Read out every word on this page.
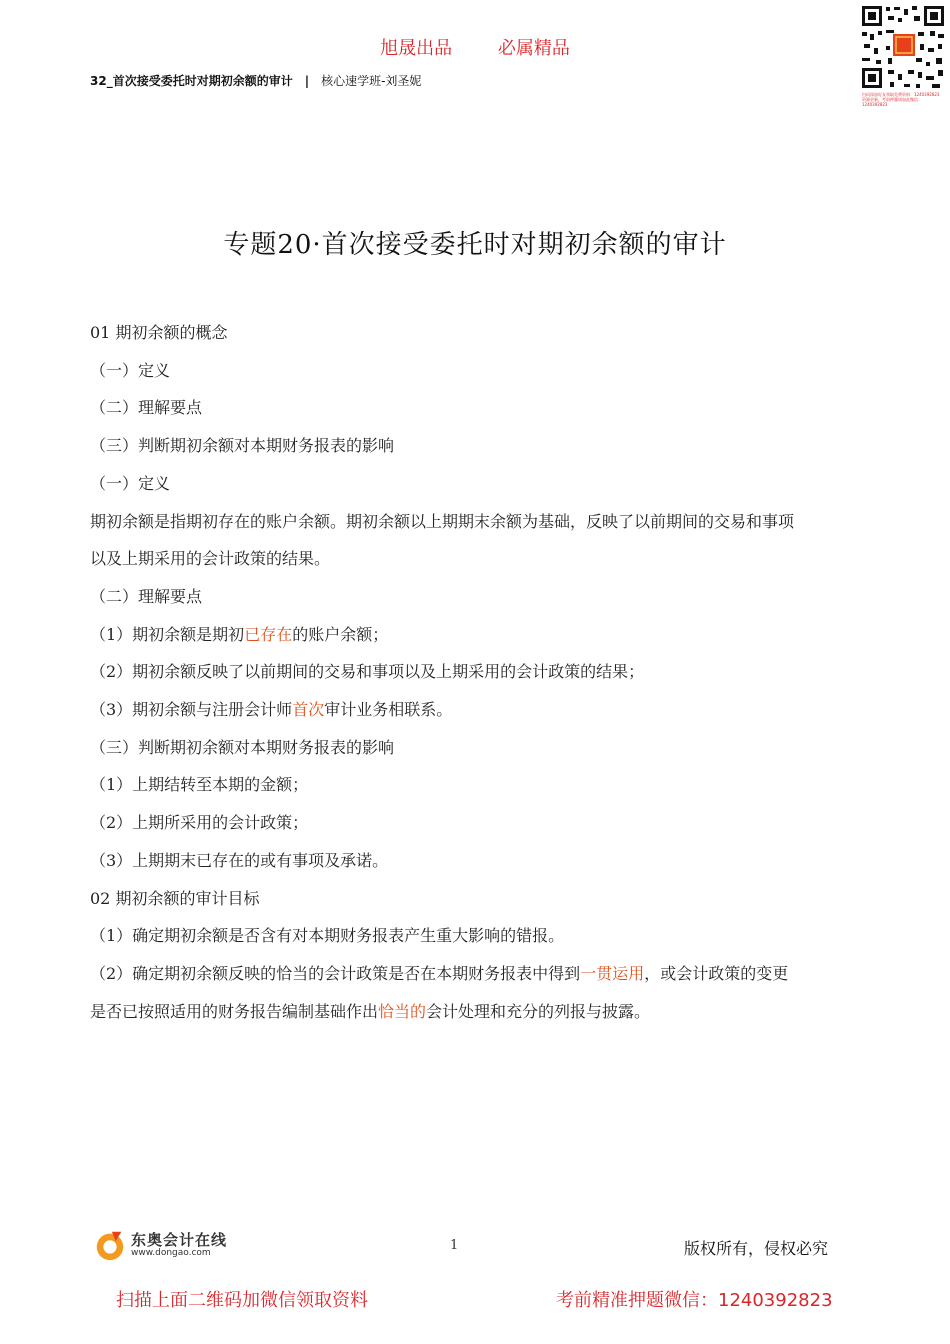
旭晟出品	必属精品
32_首次接受委托时对期初余额的审计 | 核心速学班-刘圣妮
扫码添加好友领取免费资料：12403928​23
资源更新、考前押题请加此微信：1240392823
专题20·首次接受委托时对期初余额的审计

01 期初余额的概念

（一）定义

（二）理解要点

（三）判断期初余额对本期财务报表的影响

（一）定义

期初余额是指期初存在的账户余额。期初余额以上期期末余额为基础，反映了以前期间的交易和事项

以及上期采用的会计政策的结果。

（二）理解要点

（1）期初余额是期初已存在的账户余额；

（2）期初余额反映了以前期间的交易和事项以及上期采用的会计政策的结果；

（3）期初余额与注册会计师首次审计业务相联系。

（三）判断期初余额对本期财务报表的影响

（1）上期结转至本期的金额；

（2）上期所采用的会计政策；

（3）上期期末已存在的或有事项及承诺。

02 期初余额的审计目标

（1）确定期初余额是否含有对本期财务报表产生重大影响的错报。

（2）确定期初余额反映的恰当的会计政策是否在本期财务报表中得到一贯运用，或会计政策的变更

是否已按照适用的财务报告编制基础作出恰当的会计处理和充分的列报与披露。

东奥会计在线
www.dongao.com	1	版权所有，侵权必究
扫描上面二维码加微信领取资料	考前精准押题微信：1240392823
